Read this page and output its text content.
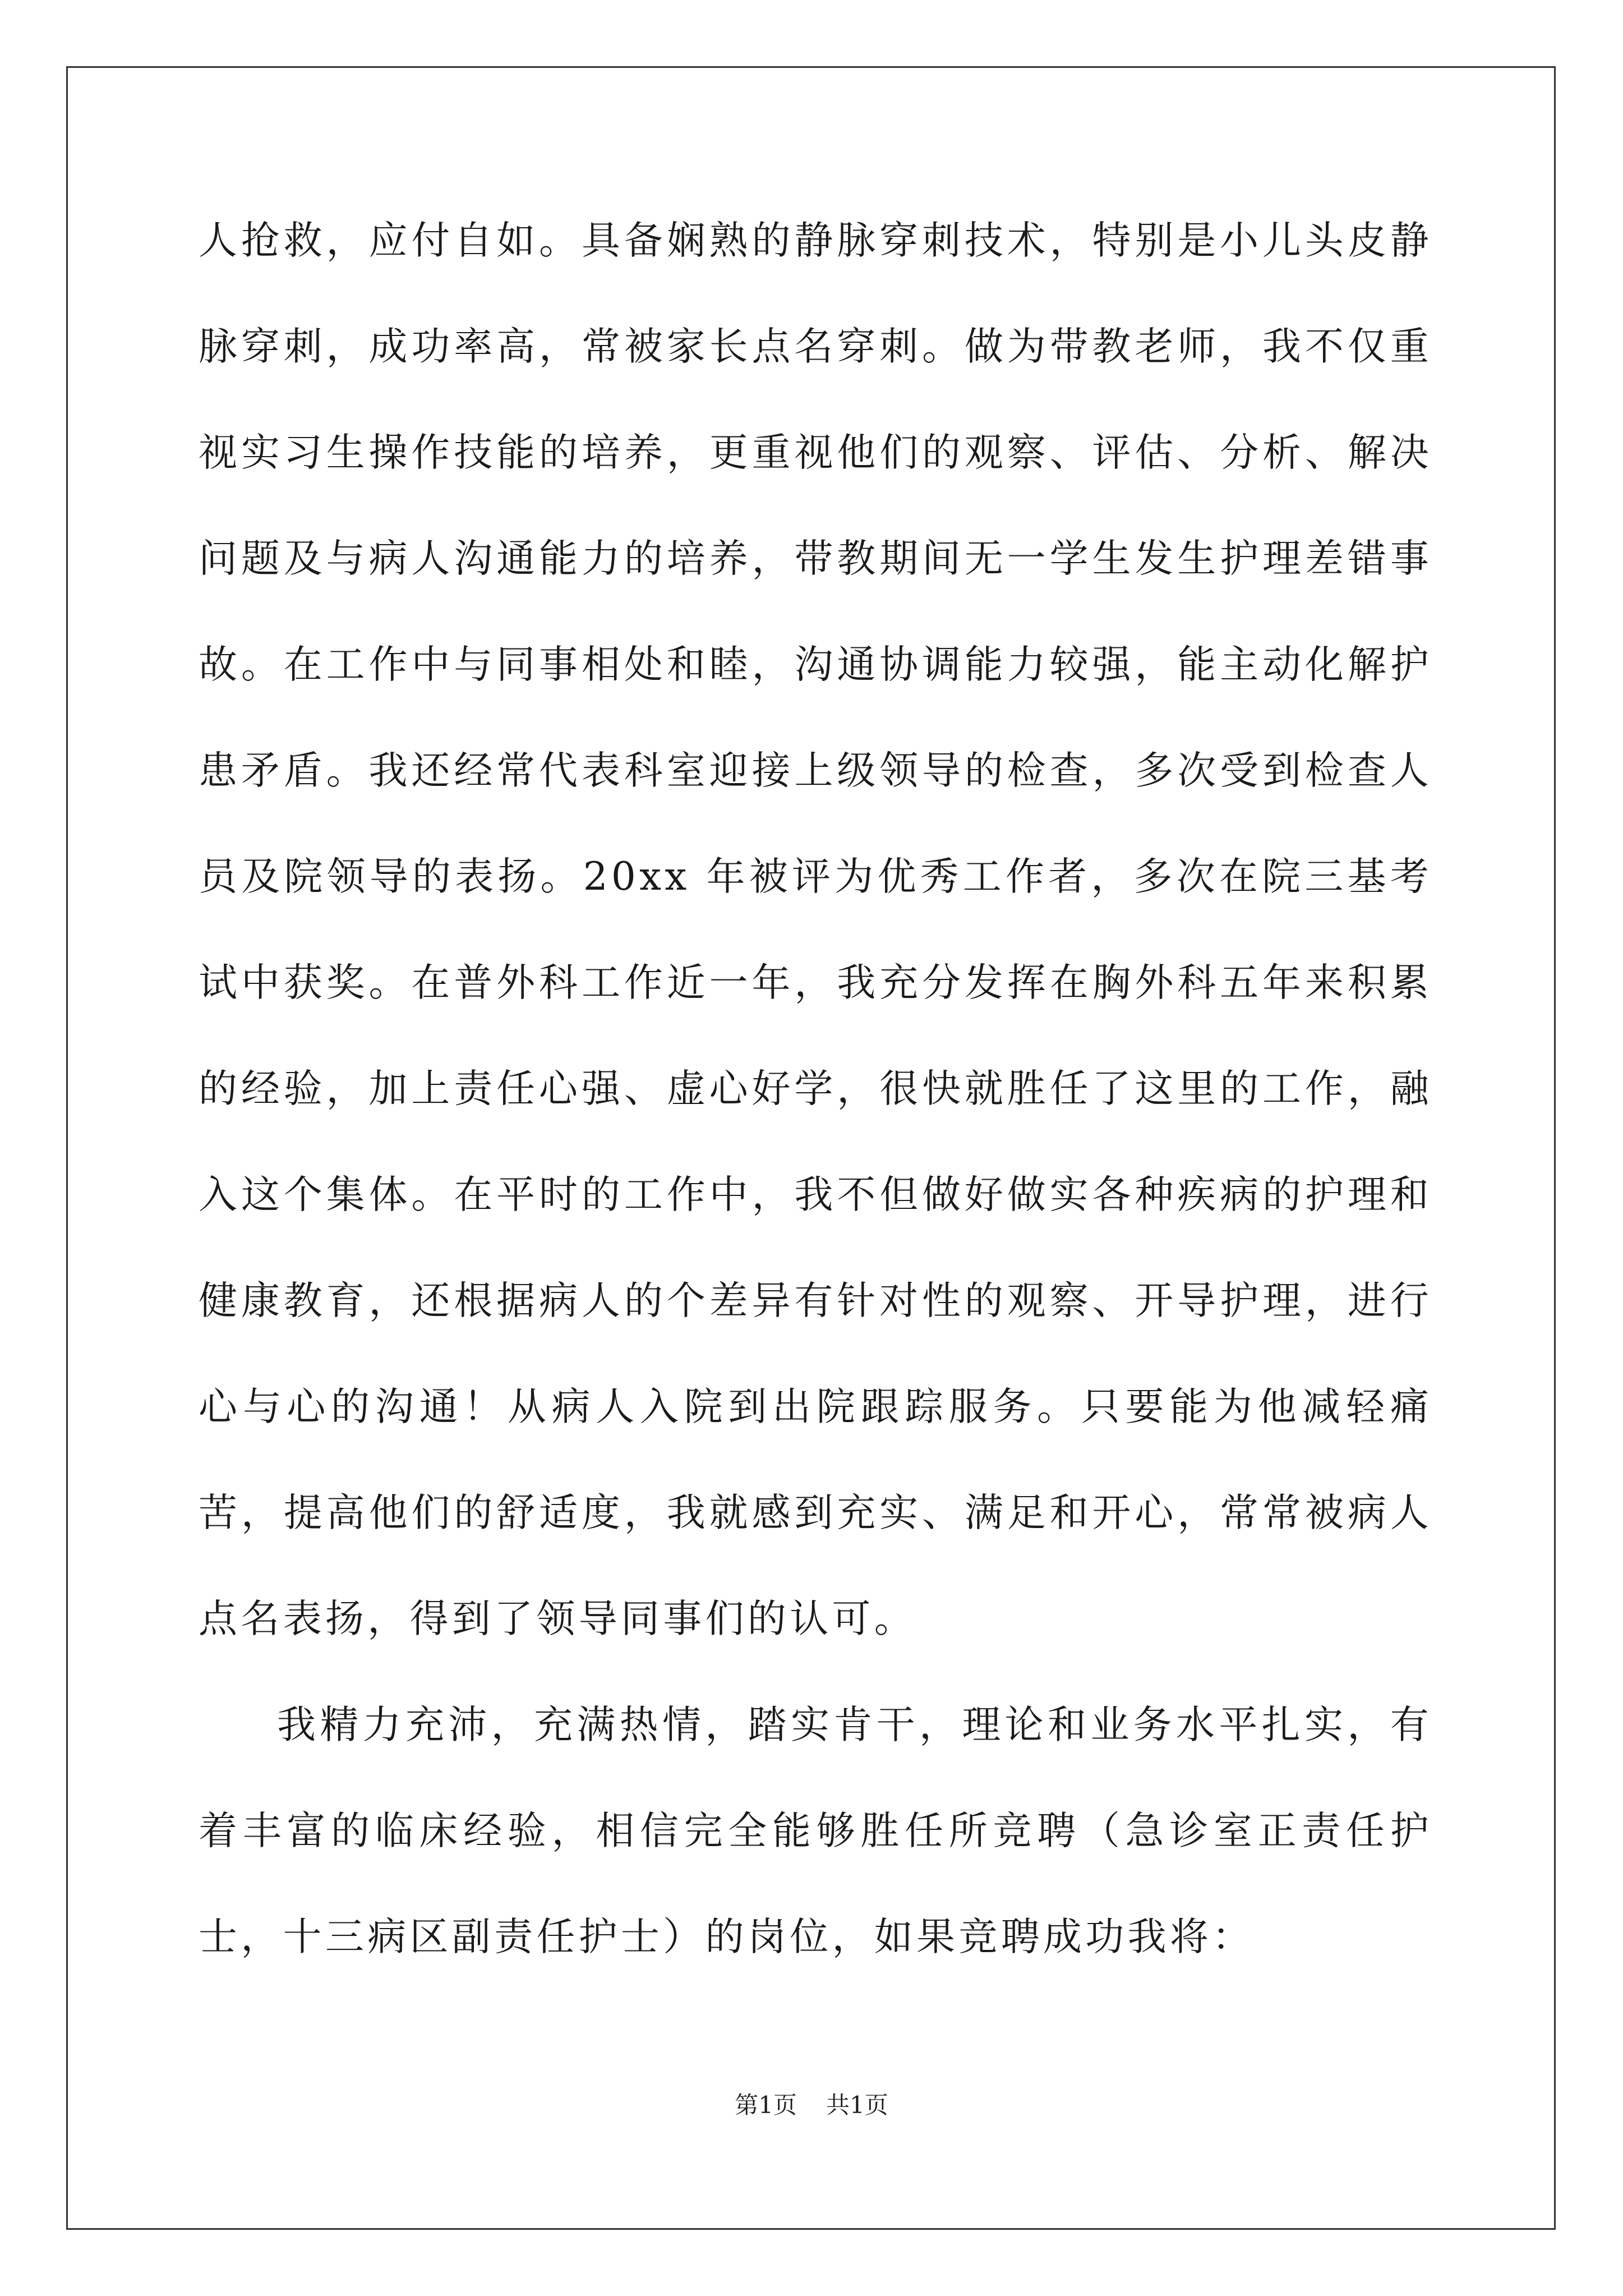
人抢救，应付自如。具备娴熟的静脉穿刺技术，特别是小儿头皮静脉穿刺，成功率高，常被家长点名穿刺。做为带教老师，我不仅重视实习生操作技能的培养，更重视他们的观察、评估、分析、解决问题及与病人沟通能力的培养，带教期间无一学生发生护理差错事故。在工作中与同事相处和睦，沟通协调能力较强，能主动化解护患矛盾。我还经常代表科室迎接上级领导的检查，多次受到检查人员及院领导的表扬。20xx 年被评为优秀工作者，多次在院三基考试中获奖。在普外科工作近一年，我充分发挥在胸外科五年来积累的经验，加上责任心强、虚心好学，很快就胜任了这里的工作，融入这个集体。在平时的工作中，我不但做好做实各种疾病的护理和健康教育，还根据病人的个差异有针对性的观察、开导护理，进行心与心的沟通！从病人入院到出院跟踪服务。只要能为他减轻痛苦，提高他们的舒适度，我就感到充实、满足和开心，常常被病人点名表扬，得到了领导同事们的认可。

我精力充沛，充满热情，踏实肯干，理论和业务水平扎实，有着丰富的临床经验，相信完全能够胜任所竞聘（急诊室正责任护士，十三病区副责任护士）的岗位，如果竞聘成功我将：

第1页 共1页
